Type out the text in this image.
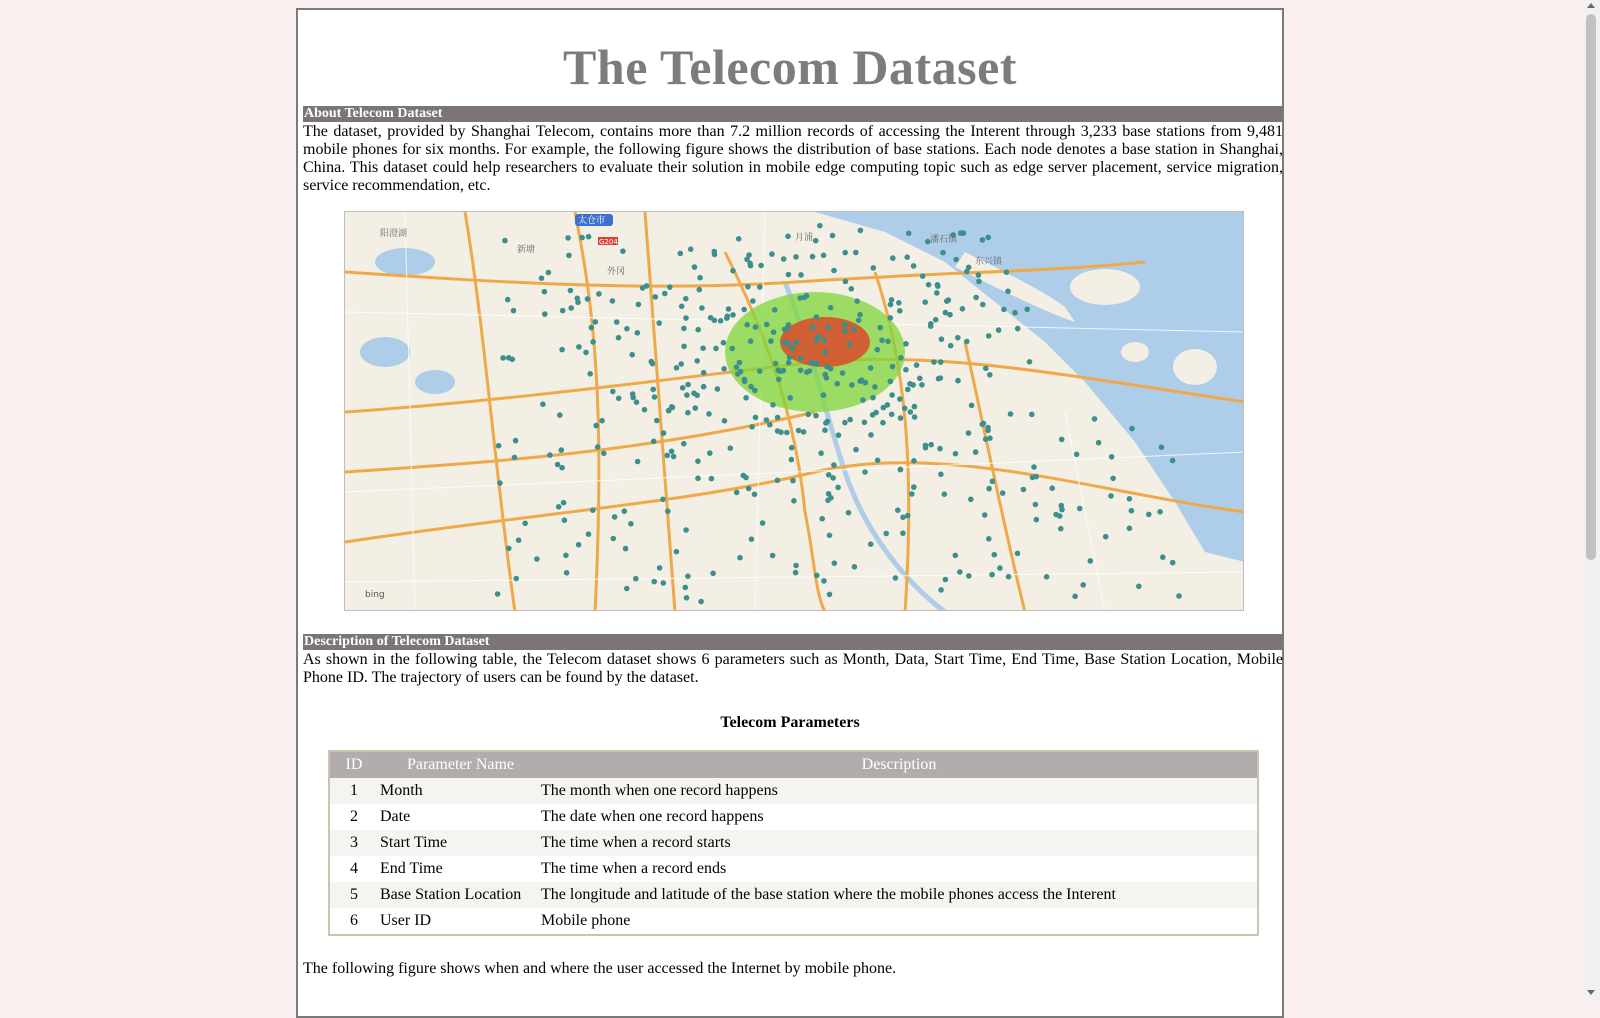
The Telecom Dataset
About Telecom Dataset

The dataset, provided by Shanghai Telecom, contains more than 7.2 million records of accessing the Interent through 3,233 base stations from 9,481 mobile phones for six months. For example, the following figure shows the distribution of base stations. Each node denotes a base station in Shanghai, China. This dataset could help researchers to evaluate their solution in mobile edge computing topic such as edge server placement, service migration, service recommendation, etc.

太仓市
阳澄湖
新塘
外冈
月浦
东兴镇
潘石镇
G204
bing
Description of Telecom Dataset

As shown in the following table, the Telecom dataset shows 6 parameters such as Month, Data, Start Time, End Time, Base Station Location, Mobile Phone ID. The trajectory of users can be found by the dataset.

Telecom Parameters
ID	Parameter Name	Description
1	Month	The month when one record happens
2	Date	The date when one record happens
3	Start Time	The time when a record starts
4	End Time	The time when a record ends
5	Base Station Location	The longitude and latitude of the base station where the mobile phones access the Interent
6	User ID	Mobile phone

The following figure shows when and where the user accessed the Internet by mobile phone.
